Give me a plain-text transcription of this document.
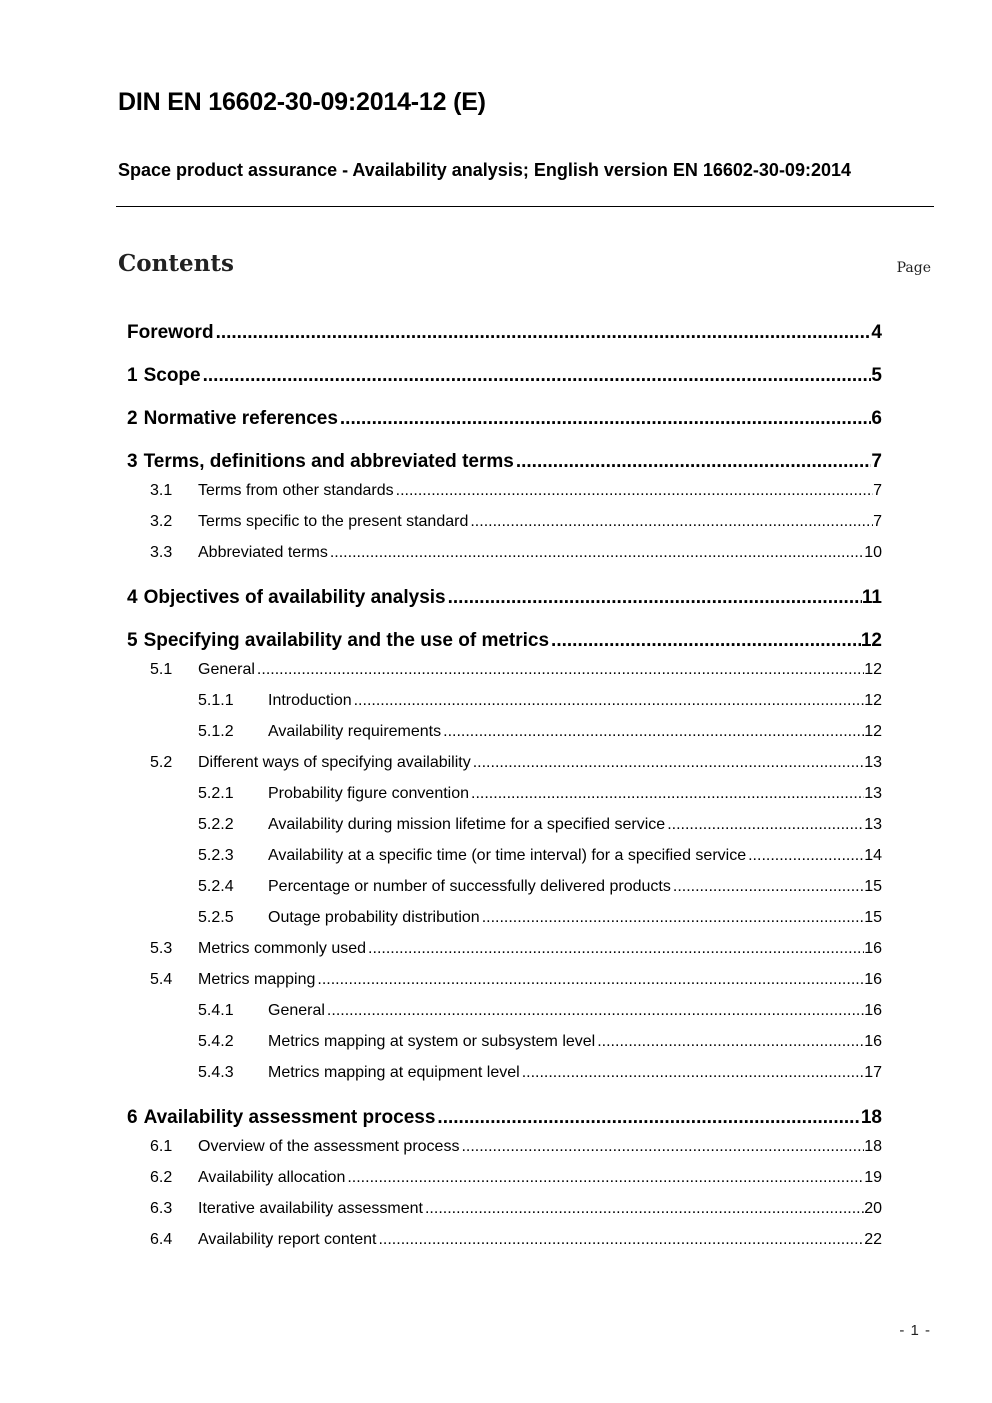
DIN EN 16602-30-09:2014-12 (E)
Space product assurance - Availability analysis; English version EN 16602-30-09:2014
Contents	Page
Foreword .....	4
1 Scope .....	5
2 Normative references .....	6
3 Terms, definitions and abbreviated terms .....	7
3.1	Terms from other standards .....	7
3.2	Terms specific to the present standard .....	7
3.3	Abbreviated terms .....	10
4 Objectives of availability analysis .....	11
5 Specifying availability and the use of metrics .....	12
5.1	General .....	12
5.1.1	Introduction .....	12
5.1.2	Availability requirements .....	12
5.2	Different ways of specifying availability .....	13
5.2.1	Probability figure convention .....	13
5.2.2	Availability during mission lifetime for a specified service .....	13
5.2.3	Availability at a specific time (or time interval) for a specified service .....	14
5.2.4	Percentage or number of successfully delivered products .....	15
5.2.5	Outage probability distribution .....	15
5.3	Metrics commonly used .....	16
5.4	Metrics mapping .....	16
5.4.1	General .....	16
5.4.2	Metrics mapping at system or subsystem level .....	16
5.4.3	Metrics mapping at equipment level .....	17
6 Availability assessment process .....	18
6.1	Overview of the assessment process .....	18
6.2	Availability allocation .....	19
6.3	Iterative availability assessment .....	20
6.4	Availability report content .....	22
- 1 -
